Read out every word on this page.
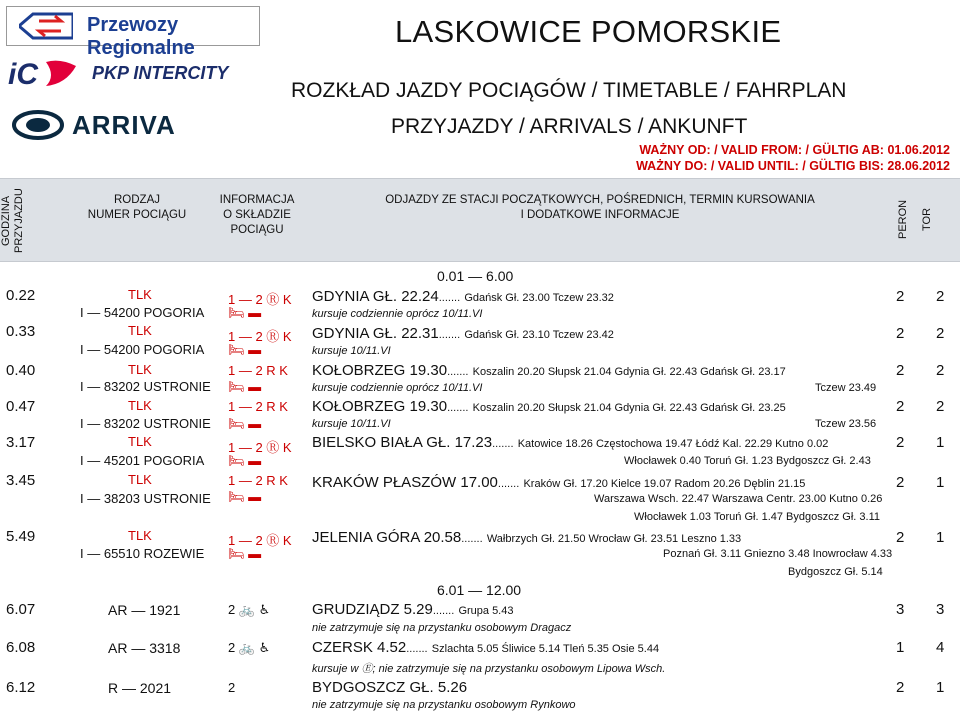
Przewozy Regionalne
iC	PKP INTERCITY
ARRIVA
LASKOWICE POMORSKIE
ROZKŁAD JAZDY POCIĄGÓW / TIMETABLE / FAHRPLAN
PRZYJAZDY / ARRIVALS / ANKUNFT
WAŻNY OD: / VALID FROM: / GÜLTIG AB: 01.06.2012
WAŻNY DO: / VALID UNTIL: / GÜLTIG BIS: 28.06.2012
GODZINA PRZYJAZDU	RODZAJ
NUMER POCIĄGU
INFORMACJA
O SKŁADZIE
POCIĄGU
ODJAZDY ZE STACJI POCZĄTKOWYCH, POŚREDNICH, TERMIN KURSOWANIA
I DODATKOWE INFORMACJE	PERON	TOR
0.01 — 6.00
0.22	TLK
I — 54200 POGORIA
1 — 2 Ⓡ K
🛏 ▬
GDYNIA GŁ. 22.24....... Gdańsk Gł. 23.00 Tczew 23.32
kursuje codziennie oprócz 10/11.VI
2 2
0.33	TLK
I — 54200 POGORIA
1 — 2 Ⓡ K
🛏 ▬
GDYNIA GŁ. 22.31....... Gdańsk Gł. 23.10 Tczew 23.42
kursuje 10/11.VI
2 2
0.40	TLK
I — 83202 USTRONIE
1 — 2 R K
🛏 ▬
KOŁOBRZEG 19.30....... Koszalin 20.20 Słupsk 21.04 Gdynia Gł. 22.43 Gdańsk Gł. 23.17
kursuje codziennie oprócz 10/11.VI	Tczew 23.49
2 2
0.47	TLK
I — 83202 USTRONIE
1 — 2 R K
🛏 ▬
KOŁOBRZEG 19.30....... Koszalin 20.20 Słupsk 21.04 Gdynia Gł. 22.43 Gdańsk Gł. 23.25
kursuje 10/11.VI	Tczew 23.56
2 2
3.17	TLK
I — 45201 POGORIA
1 — 2 Ⓡ K
🛏 ▬
BIELSKO BIAŁA GŁ. 17.23....... Katowice 18.26 Częstochowa 19.47 Łódź Kal. 22.29 Kutno 0.02
Włocławek 0.40 Toruń Gł. 1.23 Bydgoszcz Gł. 2.43
2 1
3.45	TLK
I — 38203 USTRONIE
1 — 2 R K
🛏 ▬
KRAKÓW PŁASZÓW 17.00....... Kraków Gł. 17.20 Kielce 19.07 Radom 20.26 Dęblin 21.15
Warszawa Wsch. 22.47 Warszawa Centr. 23.00 Kutno 0.26
Włocławek 1.03 Toruń Gł. 1.47 Bydgoszcz Gł. 3.11
2 1
5.49	TLK
I — 65510 ROZEWIE
1 — 2 Ⓡ K
🛏 ▬
JELENIA GÓRA 20.58....... Wałbrzych Gł. 21.50 Wrocław Gł. 23.51 Leszno 1.33
Poznań Gł. 3.11 Gniezno 3.48 Inowrocław 4.33
Bydgoszcz Gł. 5.14
2 1
6.01 — 12.00
6.07	AR — 1921	2 🚲 ♿	GRUDZIĄDZ 5.29....... Grupa 5.43
nie zatrzymuje się na przystanku osobowym Dragacz
3 3
6.08	AR — 3318	2 🚲 ♿	CZERSK 4.52....... Szlachta 5.05 Śliwice 5.14 Tleń 5.35 Osie 5.44
kursuje w Ⓔ; nie zatrzymuje się na przystanku osobowym Lipowa Wsch.
1 4
6.12	R — 2021	2	BYDGOSZCZ GŁ. 5.26
nie zatrzymuje się na przystanku osobowym Rynkowo
2 1
